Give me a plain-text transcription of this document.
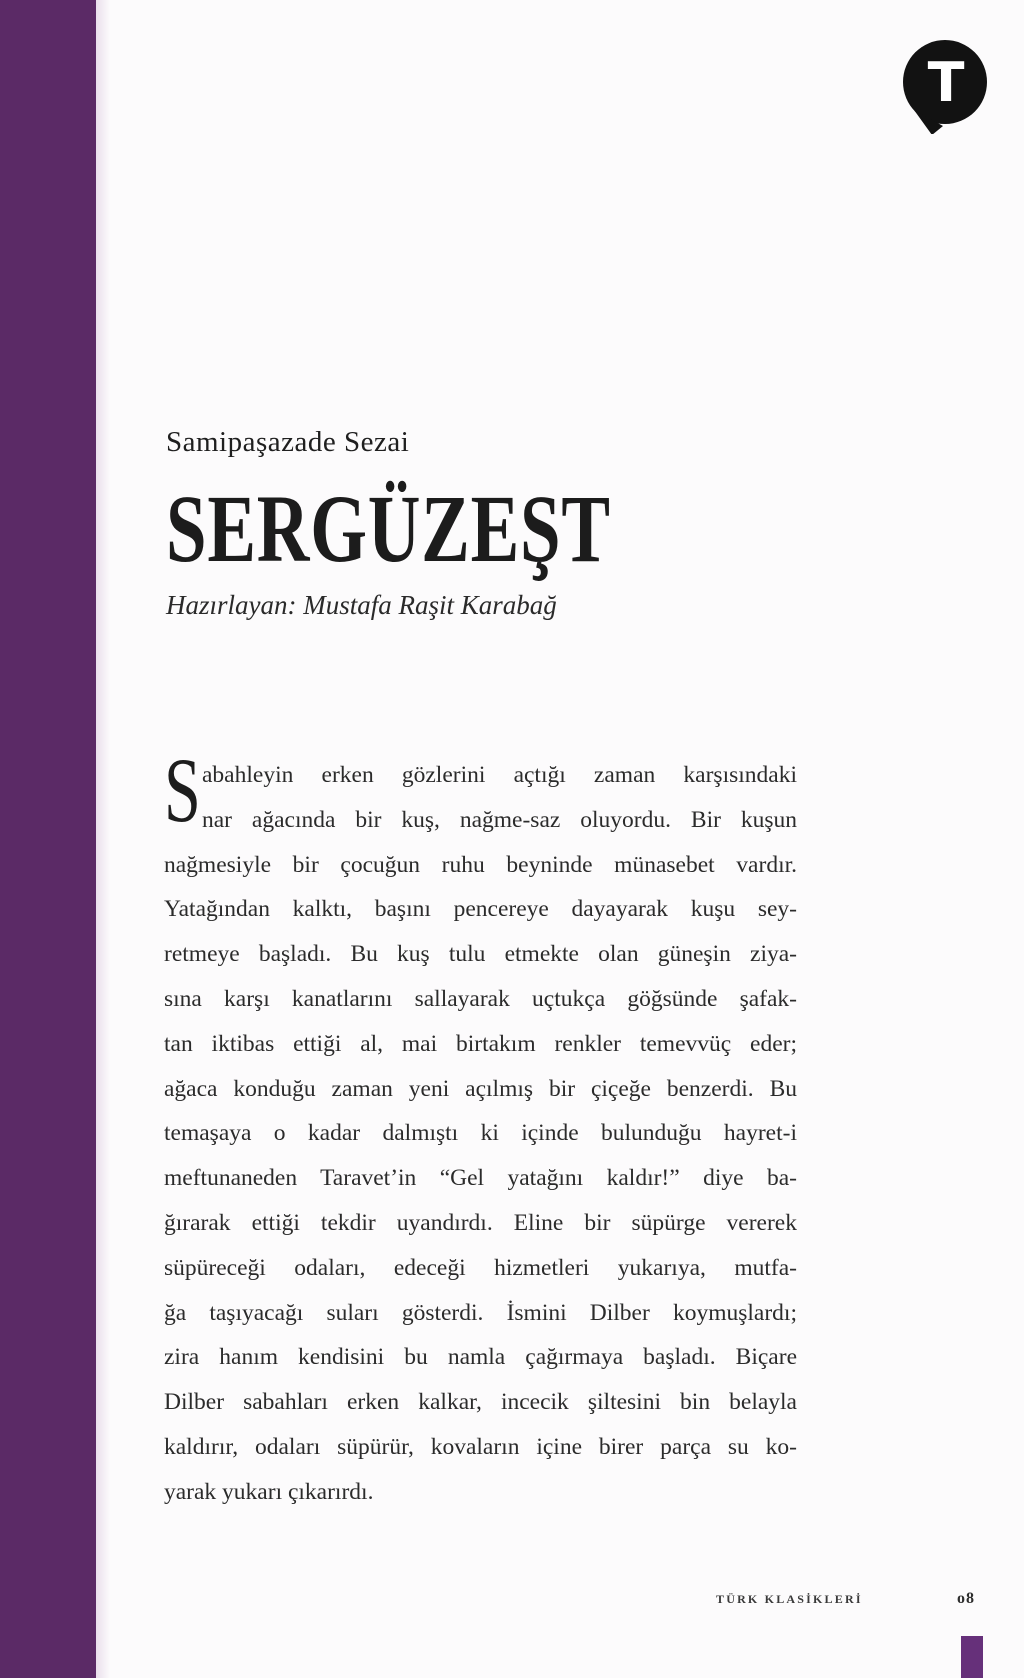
T
Samipaşazade Sezai
SERGÜZEŞT
Hazırlayan: Mustafa Raşit Karabağ
S abahleyin erken gözlerini açtığı zaman karşısındaki
nar ağacında bir kuş, nağme-saz oluyordu. Bir kuşun
nağmesiyle bir çocuğun ruhu beyninde münasebet vardır.
Yatağından kalktı, başını pencereye dayayarak kuşu sey-
retmeye başladı. Bu kuş tulu etmekte olan güneşin ziya-
sına karşı kanatlarını sallayarak uçtukça göğsünde şafak-
tan iktibas ettiği al, mai birtakım renkler temevvüç eder;
ağaca konduğu zaman yeni açılmış bir çiçeğe benzerdi. Bu
temaşaya o kadar dalmıştı ki içinde bulunduğu hayret-i
meftunaneden Taravet’in “Gel yatağını kaldır!” diye ba-
ğırarak ettiği tekdir uyandırdı. Eline bir süpürge vererek
süpüreceği odaları, edeceği hizmetleri yukarıya, mutfa-
ğa taşıyacağı suları gösterdi. İsmini Dilber koymuşlardı;
zira hanım kendisini bu namla çağırmaya başladı. Biçare
Dilber sabahları erken kalkar, incecik şiltesini bin belayla
kaldırır, odaları süpürür, kovaların içine birer parça su ko-
yarak yukarı çıkarırdı.
TÜRK KLASİKLERİ	o8
